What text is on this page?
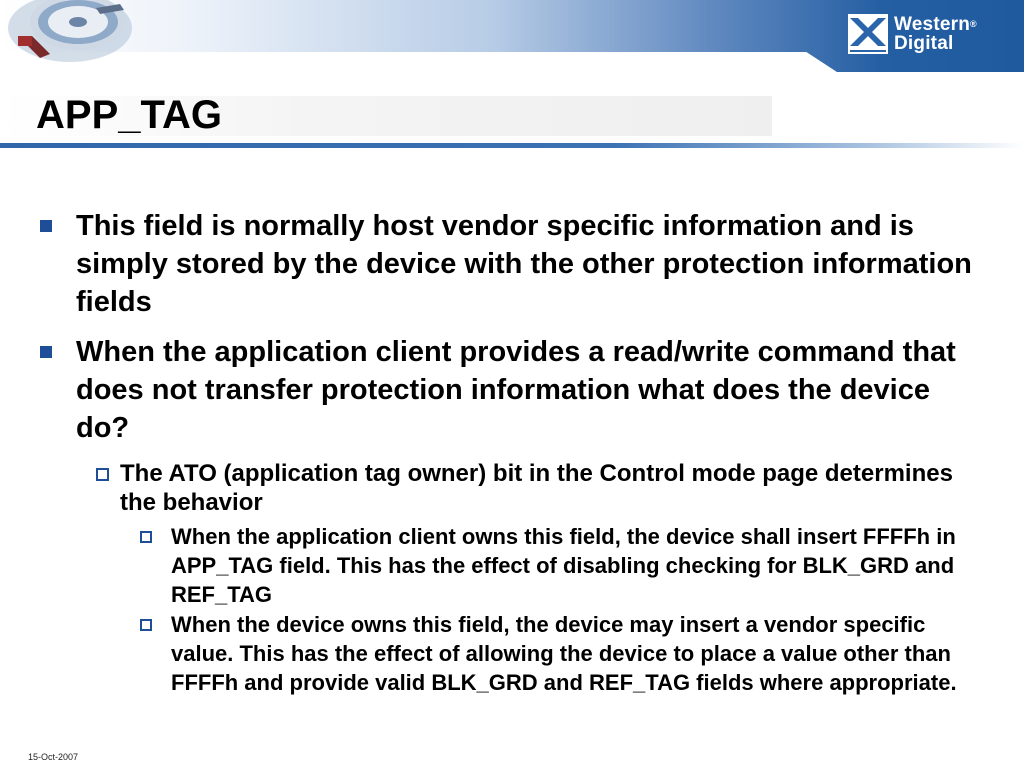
Western®
Digital
APP_TAG
This field is normally host vendor specific information and is simply stored by the device with the other protection information fields
When the application client provides a read/write command that does not transfer protection information what does the device do?
The ATO (application tag owner) bit in the Control mode page determines the behavior
When the application client owns this field, the device shall insert FFFFh in APP_TAG field. This has the effect of disabling checking for BLK_GRD and REF_TAG
When the device owns this field, the device may insert a vendor specific value. This has the effect of allowing the device to place a value other than FFFFh and provide valid BLK_GRD and REF_TAG fields where appropriate.
15-Oct-2007
